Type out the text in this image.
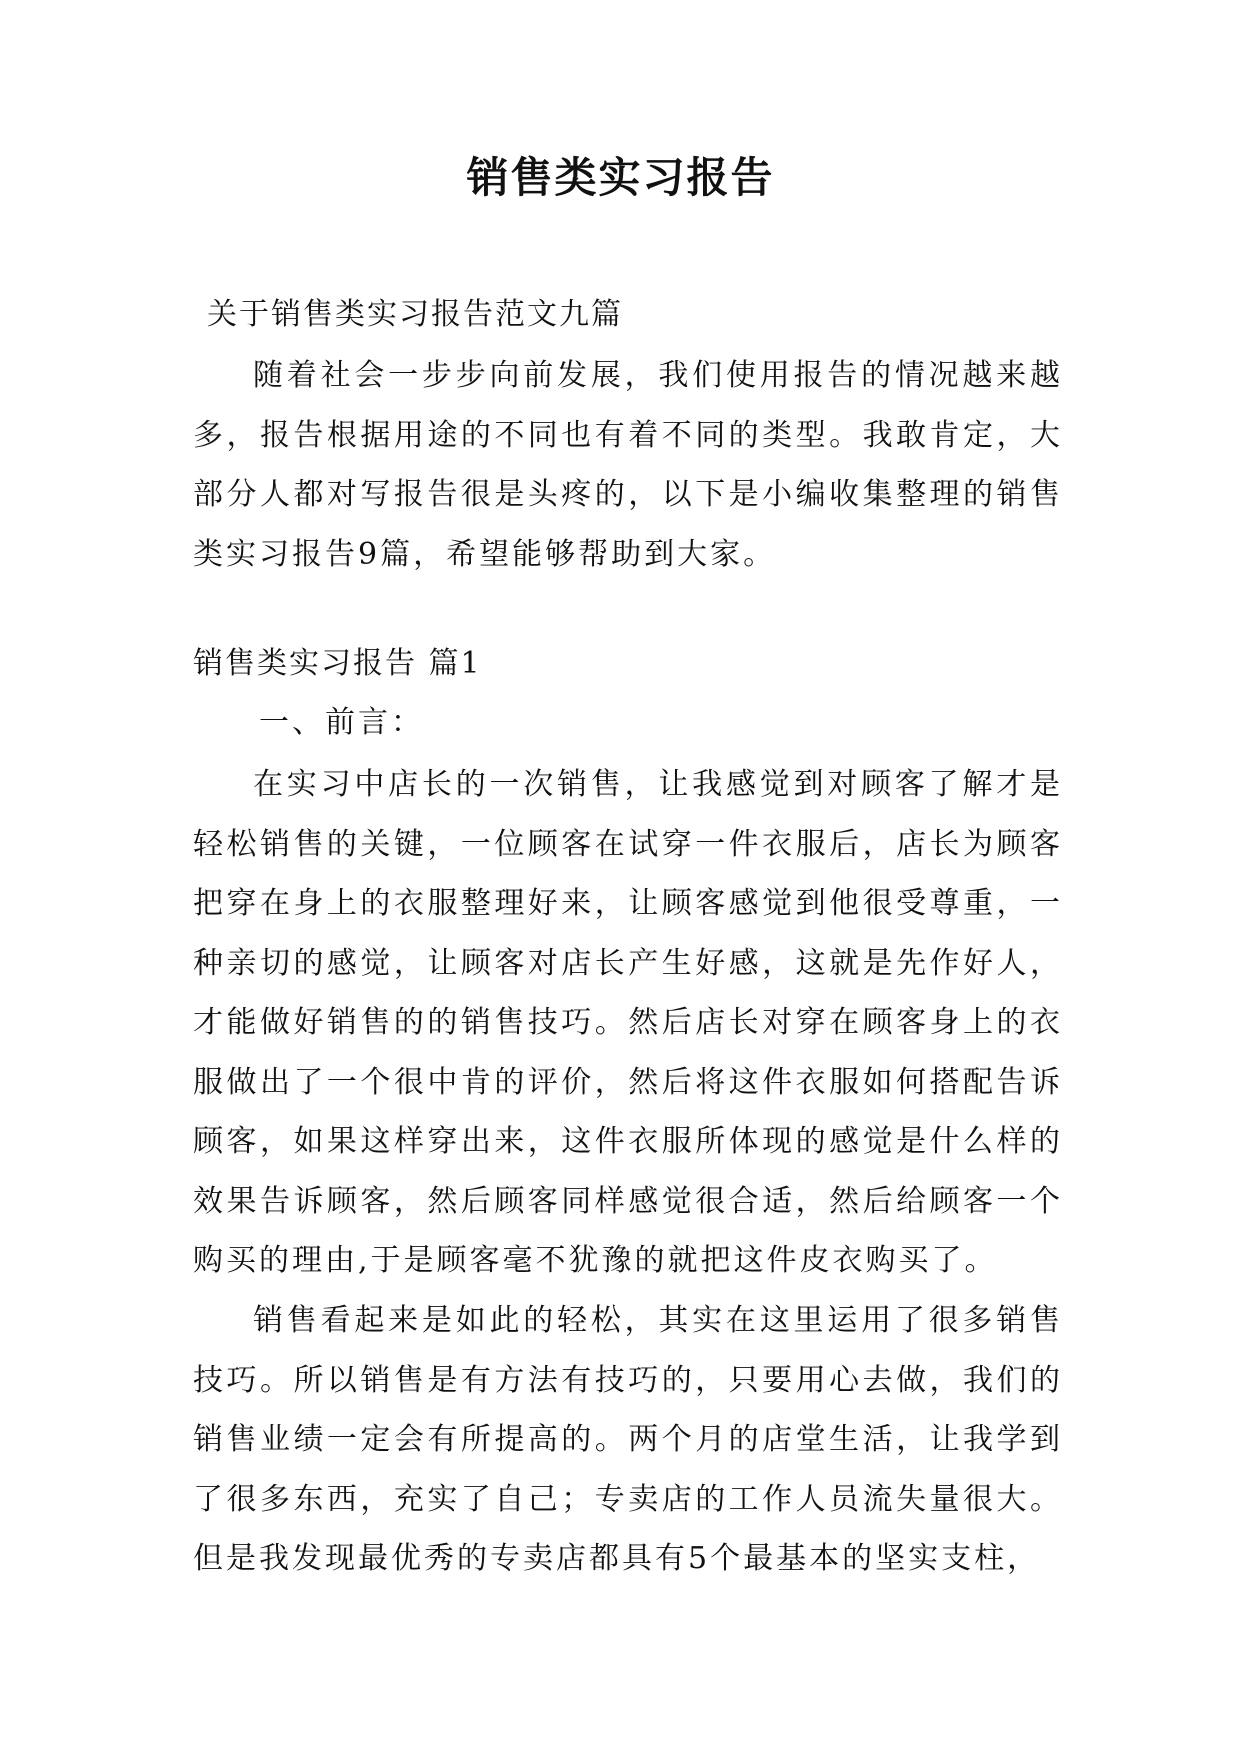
销售类实习报告
关于销售类实习报告范文九篇

随着社会一步步向前发展，我们使用报告的情况越来越多，报告根据用途的不同也有着不同的类型。我敢肯定，大部分人都对写报告很是头疼的，以下是小编收集整理的销售类实习报告9篇，希望能够帮助到大家。

销售类实习报告 篇1
一、前言：

在实习中店长的一次销售，让我感觉到对顾客了解才是轻松销售的关键，一位顾客在试穿一件衣服后，店长为顾客把穿在身上的衣服整理好来，让顾客感觉到他很受尊重，一种亲切的感觉，让顾客对店长产生好感，这就是先作好人，才能做好销售的的销售技巧。然后店长对穿在顾客身上的衣服做出了一个很中肯的评价，然后将这件衣服如何搭配告诉顾客，如果这样穿出来，这件衣服所体现的感觉是什么样的效果告诉顾客，然后顾客同样感觉很合适，然后给顾客一个购买的理由,于是顾客毫不犹豫的就把这件皮衣购买了。

销售看起来是如此的轻松，其实在这里运用了很多销售技巧。所以销售是有方法有技巧的，只要用心去做，我们的销售业绩一定会有所提高的。两个月的店堂生活，让我学到了很多东西，充实了自己；专卖店的工作人员流失量很大。但是我发现最优秀的专卖店都具有5个最基本的坚实支柱，
